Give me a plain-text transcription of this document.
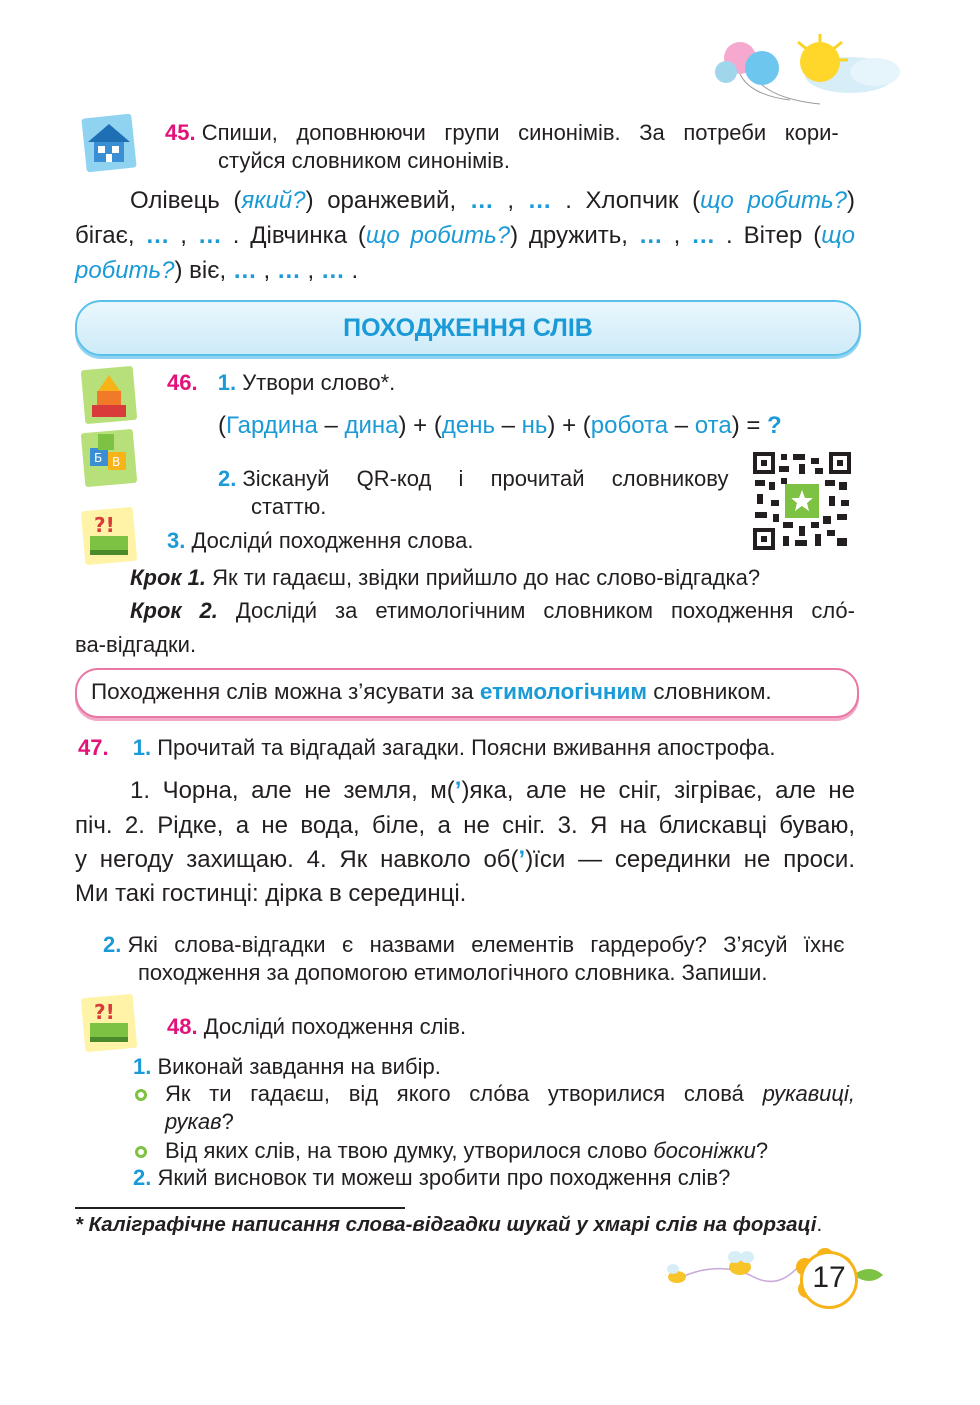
45. Спиши, доповнюючи групи синонімів. За потреби кори-
стуйся словником синонімів.
Олівець (який?) оранжевий, … , … . Хлопчик (що робить?)
бігає, … , … . Дівчинка (що робить?) дружить, … , … . Вітер (що
робить?) віє, … , … , … .
ПОХОДЖЕННЯ СЛІВ
Б В
?!
46. 1. Утвори слово*.
(Гардина – дина) + (день – нь) + (робота – ота) = ?
2. Зіскануй QR-код і прочитай словникову
статтю.
3. Досліди́ походження слова.
Крок 1. Як ти гадаєш, звідки прийшло до нас слово-відгадка?
Крок 2. Досліди́ за етимологічним словником походження сло́-
ва-відгадки.
Походження слів можна з’ясувати за етимологічним словником.
47. 1. Прочитай та відгадай загадки. Поясни вживання апострофа.
1. Чорна, але не земля, м(’)яка, але не сніг, зігріває, але не
піч. 2. Рідке, а не вода, біле, а не сніг. 3. Я на блискавці буваю,
у негоду захищаю. 4. Як навколо об(’)їси — серединки не проси.
Ми такі гостинці: дірка в серединці.
2. Які слова-відгадки є назвами елементів гардеробу? З’ясуй їхнє
походження за допомогою етимологічного словника. Запиши.
?!
48. Досліди́ походження слів.
1. Виконай завдання на вибір.
Як ти гадаєш, від якого сло́ва утворилися слова́ рукавиці,
рукав?
Від яких слів, на твою думку, утворилося слово босоніжки?
2. Який висновок ти можеш зробити про походження слів?
* Каліграфічне написання слова-відгадки шукай у хмарі слів на форзаці.
17
